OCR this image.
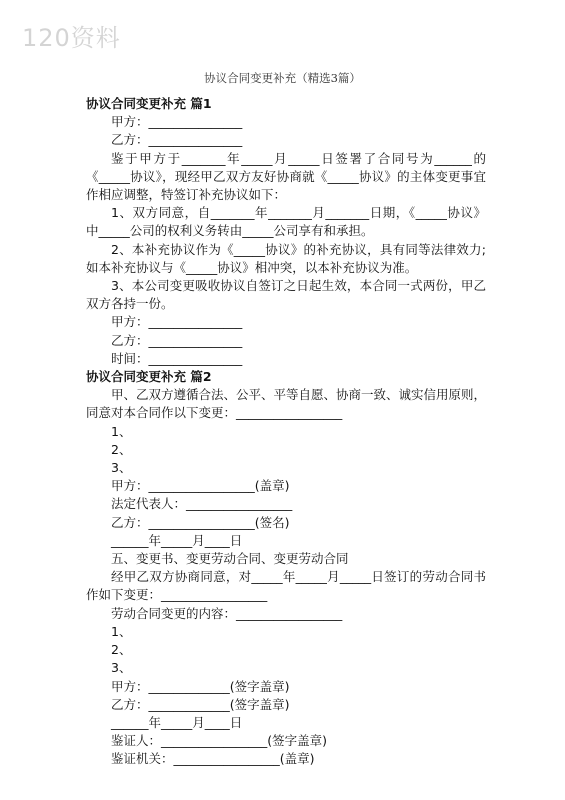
120资料
协议合同变更补充（精选3篇）
协议合同变更补充 篇1
甲方：_______________
乙方：_______________
鉴于甲方于_______年_____月_____日签署了合同号为______的《_____协议》，现经甲乙双方友好协商就《_____协议》的主体变更事宜作相应调整，特签订补充协议如下：
1、双方同意，自_______年_______月_______日期，《_____协议》中_____公司的权利义务转由_____公司享有和承担。
2、本补充协议作为《_____协议》的补充协议，具有同等法律效力;如本补充协议与《_____协议》相冲突，以本补充协议为准。
3、本公司变更吸收协议自签订之日起生效，本合同一式两份，甲乙双方各持一份。
甲方：_______________
乙方：_______________
时间：_______________
协议合同变更补充 篇2
甲、乙双方遵循合法、公平、平等自愿、协商一致、诚实信用原则，同意对本合同作以下变更：_________________
1、
2、
3、
甲方：_________________(盖章)
法定代表人：_________________
乙方：_________________(签名)
______年_____月____日
五、变更书、变更劳动合同、变更劳动合同
经甲乙双方协商同意，对_____年_____月_____日签订的劳动合同书作如下变更：_________________
劳动合同变更的内容：_________________
1、
2、
3、
甲方：_____________(签字盖章)
乙方：_____________(签字盖章)
______年_____月____日
鉴证人：_________________(签字盖章)
鉴证机关：_________________(盖章)
